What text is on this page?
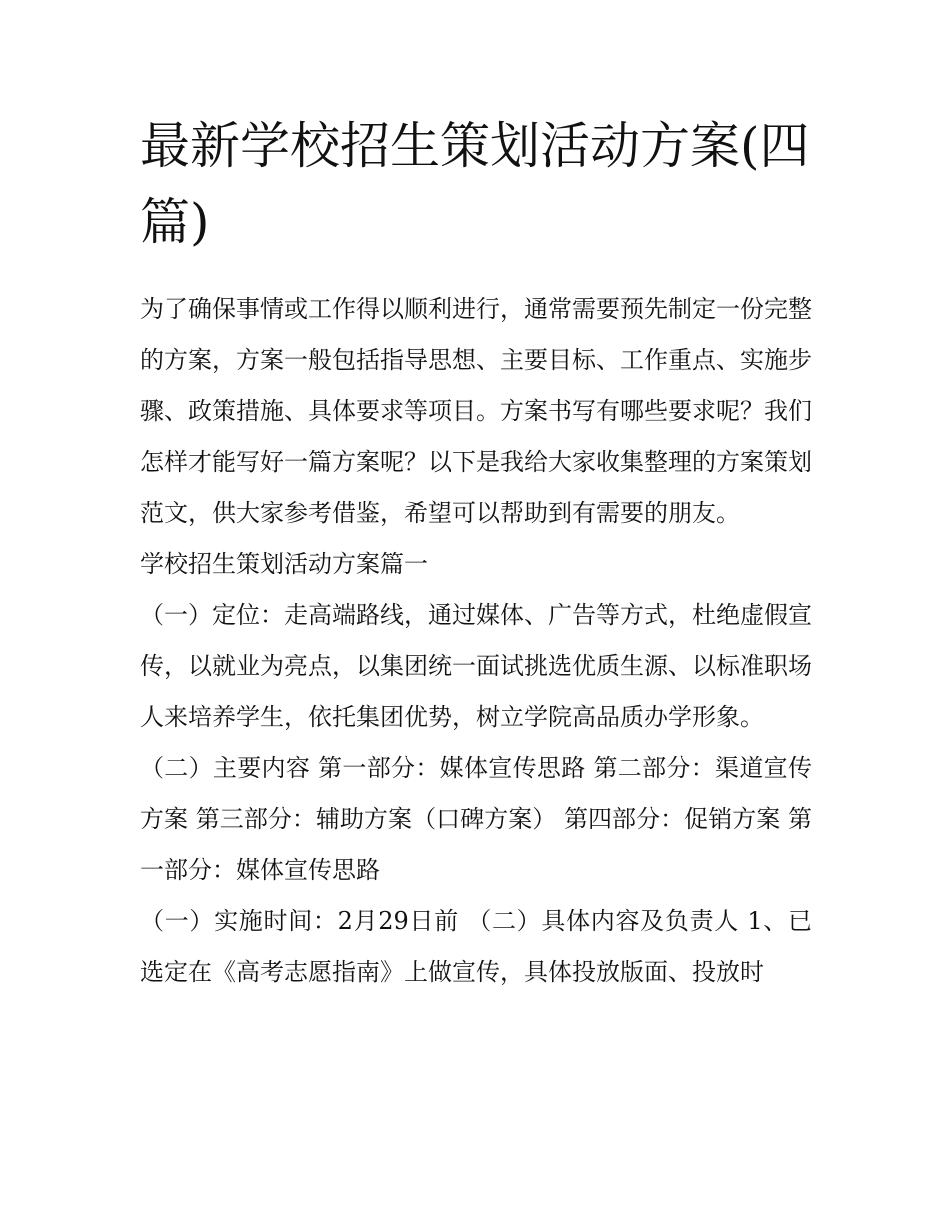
最新学校招生策划活动方案(四篇)

为了确保事情或工作得以顺利进行，通常需要预先制定一份完整的方案，方案一般包括指导思想、主要目标、工作重点、实施步骤、政策措施、具体要求等项目。方案书写有哪些要求呢？我们怎样才能写好一篇方案呢？以下是我给大家收集整理的方案策划范文，供大家参考借鉴，希望可以帮助到有需要的朋友。

学校招生策划活动方案篇一

（一）定位：走高端路线，通过媒体、广告等方式，杜绝虚假宣传，以就业为亮点，以集团统一面试挑选优质生源、以标准职场人来培养学生，依托集团优势，树立学院高品质办学形象。

（二）主要内容 第一部分：媒体宣传思路 第二部分：渠道宣传方案 第三部分：辅助方案（口碑方案） 第四部分：促销方案 第一部分：媒体宣传思路

（一）实施时间：2月29日前 （二）具体内容及负责人 1、已选定在《高考志愿指南》上做宣传，具体投放版面、投放时
